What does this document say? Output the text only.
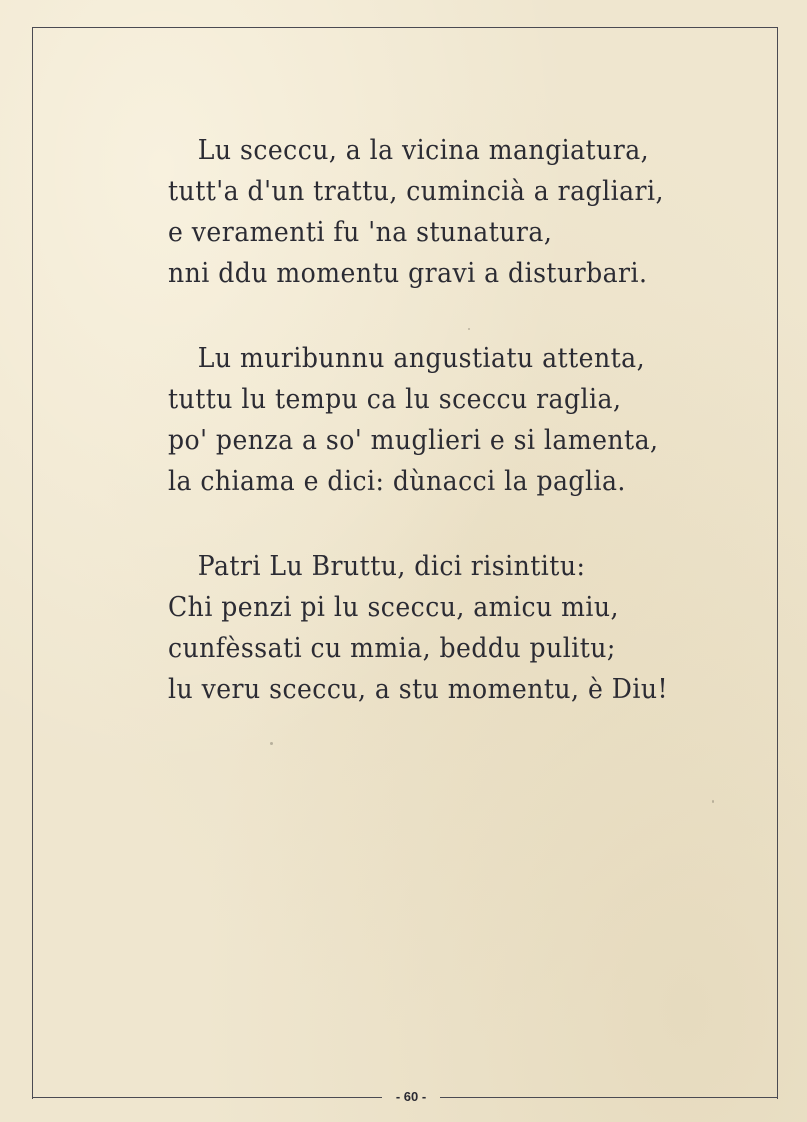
Lu sceccu, a la vicina mangiatura,
tutt'a d'un trattu, cumincià a ragliari,
e veramenti fu 'na stunatura,
nni ddu momentu gravi a disturbari.
Lu muribunnu angustiatu attenta,
tuttu lu tempu ca lu sceccu raglia,
po' penza a so' muglieri e si lamenta,
la chiama e dici: dùnacci la paglia.
Patri Lu Bruttu, dici risintitu:
Chi penzi pi lu sceccu, amicu miu,
cunfèssati cu mmia, beddu pulitu;
lu veru sceccu, a stu momentu, è Diu!
- 60 -
